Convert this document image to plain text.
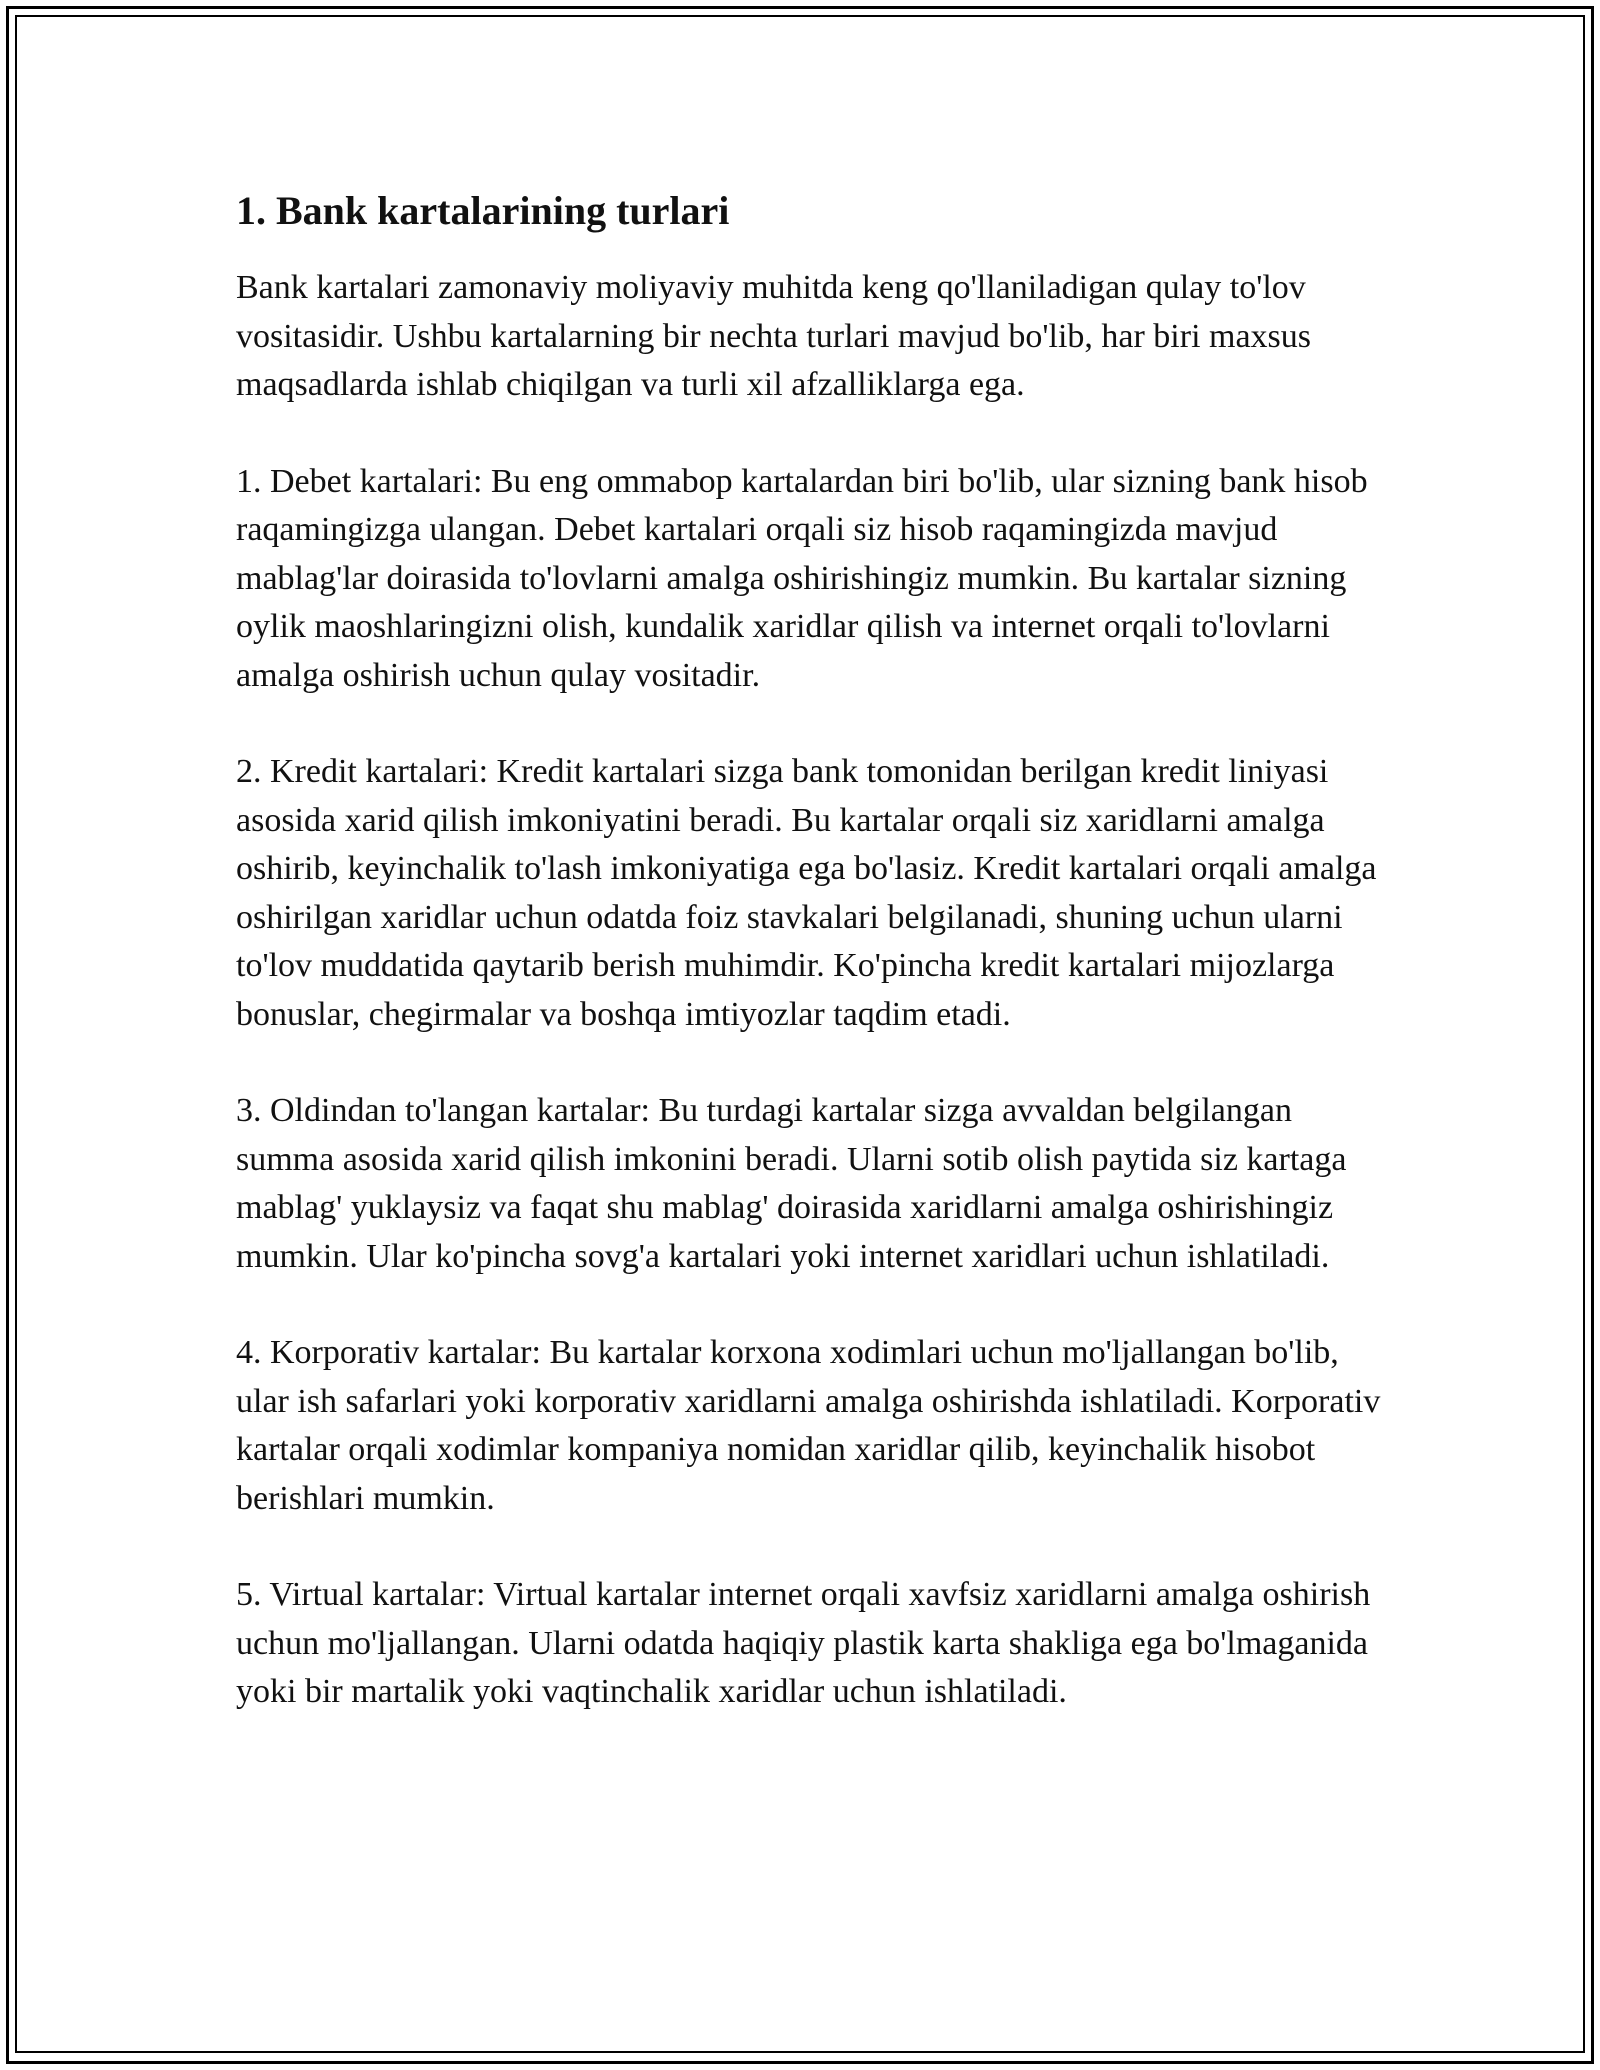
1. Bank kartalarining turlari

Bank kartalari zamonaviy moliyaviy muhitda keng qo'llaniladigan qulay to'lov vositasidir. Ushbu kartalarning bir nechta turlari mavjud bo'lib, har biri maxsus maqsadlarda ishlab chiqilgan va turli xil afzalliklarga ega.

1. Debet kartalari: Bu eng ommabop kartalardan biri bo'lib, ular sizning bank hisob raqamingizga ulangan. Debet kartalari orqali siz hisob raqamingizda mavjud mablag'lar doirasida to'lovlarni amalga oshirishingiz mumkin. Bu kartalar sizning oylik maoshlaringizni olish, kundalik xaridlar qilish va internet orqali to'lovlarni amalga oshirish uchun qulay vositadir.

2. Kredit kartalari: Kredit kartalari sizga bank tomonidan berilgan kredit liniyasi asosida xarid qilish imkoniyatini beradi. Bu kartalar orqali siz xaridlarni amalga oshirib, keyinchalik to'lash imkoniyatiga ega bo'lasiz. Kredit kartalari orqali amalga oshirilgan xaridlar uchun odatda foiz stavkalari belgilanadi, shuning uchun ularni to'lov muddatida qaytarib berish muhimdir. Ko'pincha kredit kartalari mijozlarga bonuslar, chegirmalar va boshqa imtiyozlar taqdim etadi.

3. Oldindan to'langan kartalar: Bu turdagi kartalar sizga avvaldan belgilangan summa asosida xarid qilish imkonini beradi. Ularni sotib olish paytida siz kartaga mablag' yuklaysiz va faqat shu mablag' doirasida xaridlarni amalga oshirishingiz mumkin. Ular ko'pincha sovg'a kartalari yoki internet xaridlari uchun ishlatiladi.

4. Korporativ kartalar: Bu kartalar korxona xodimlari uchun mo'ljallangan bo'lib, ular ish safarlari yoki korporativ xaridlarni amalga oshirishda ishlatiladi. Korporativ kartalar orqali xodimlar kompaniya nomidan xaridlar qilib, keyinchalik hisobot berishlari mumkin.

5. Virtual kartalar: Virtual kartalar internet orqali xavfsiz xaridlarni amalga oshirish uchun mo'ljallangan. Ularni odatda haqiqiy plastik karta shakliga ega bo'lmaganida yoki bir martalik yoki vaqtinchalik xaridlar uchun ishlatiladi.
